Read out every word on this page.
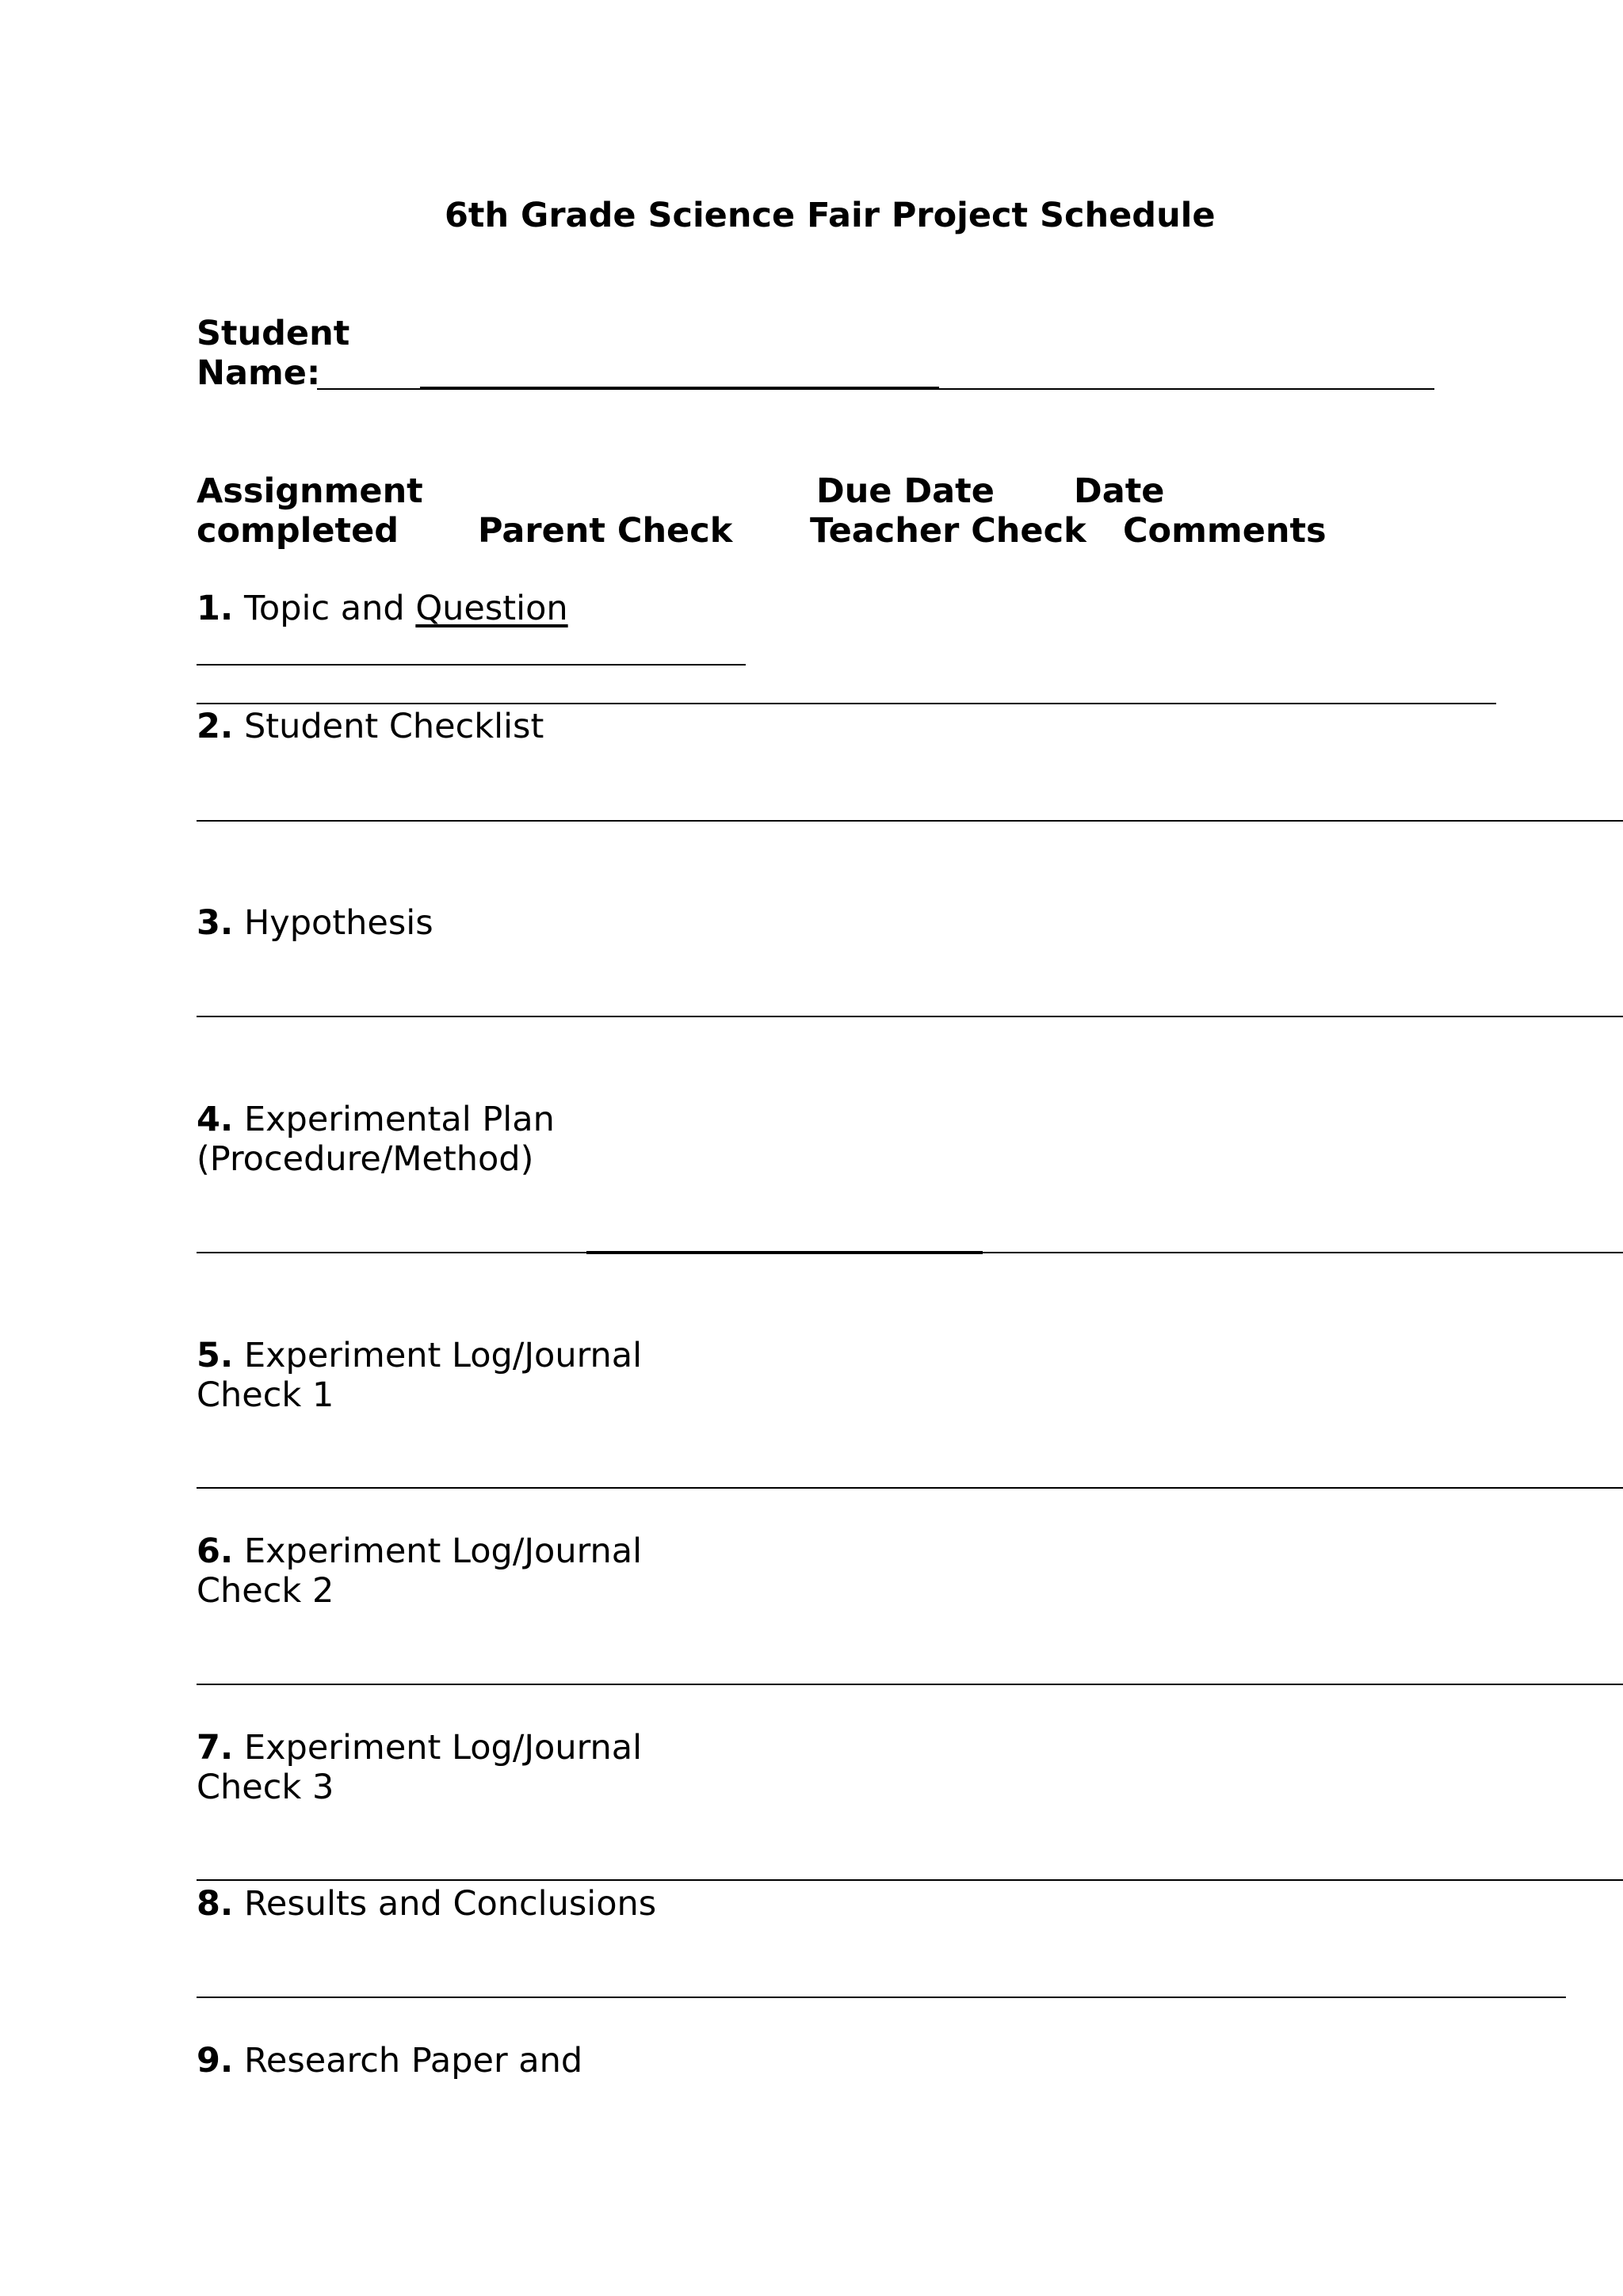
6th Grade Science Fair Project Schedule
Student
Name:
Assignment
completed Parent Check
Due Date Date
Teacher Check Comments
1. Topic and Question
2. Student Checklist
3. Hypothesis
4. Experimental Plan
(Procedure/Method)
5. Experiment Log/Journal
Check 1
6. Experiment Log/Journal
Check 2
7. Experiment Log/Journal
Check 3
8. Results and Conclusions
9. Research Paper and
